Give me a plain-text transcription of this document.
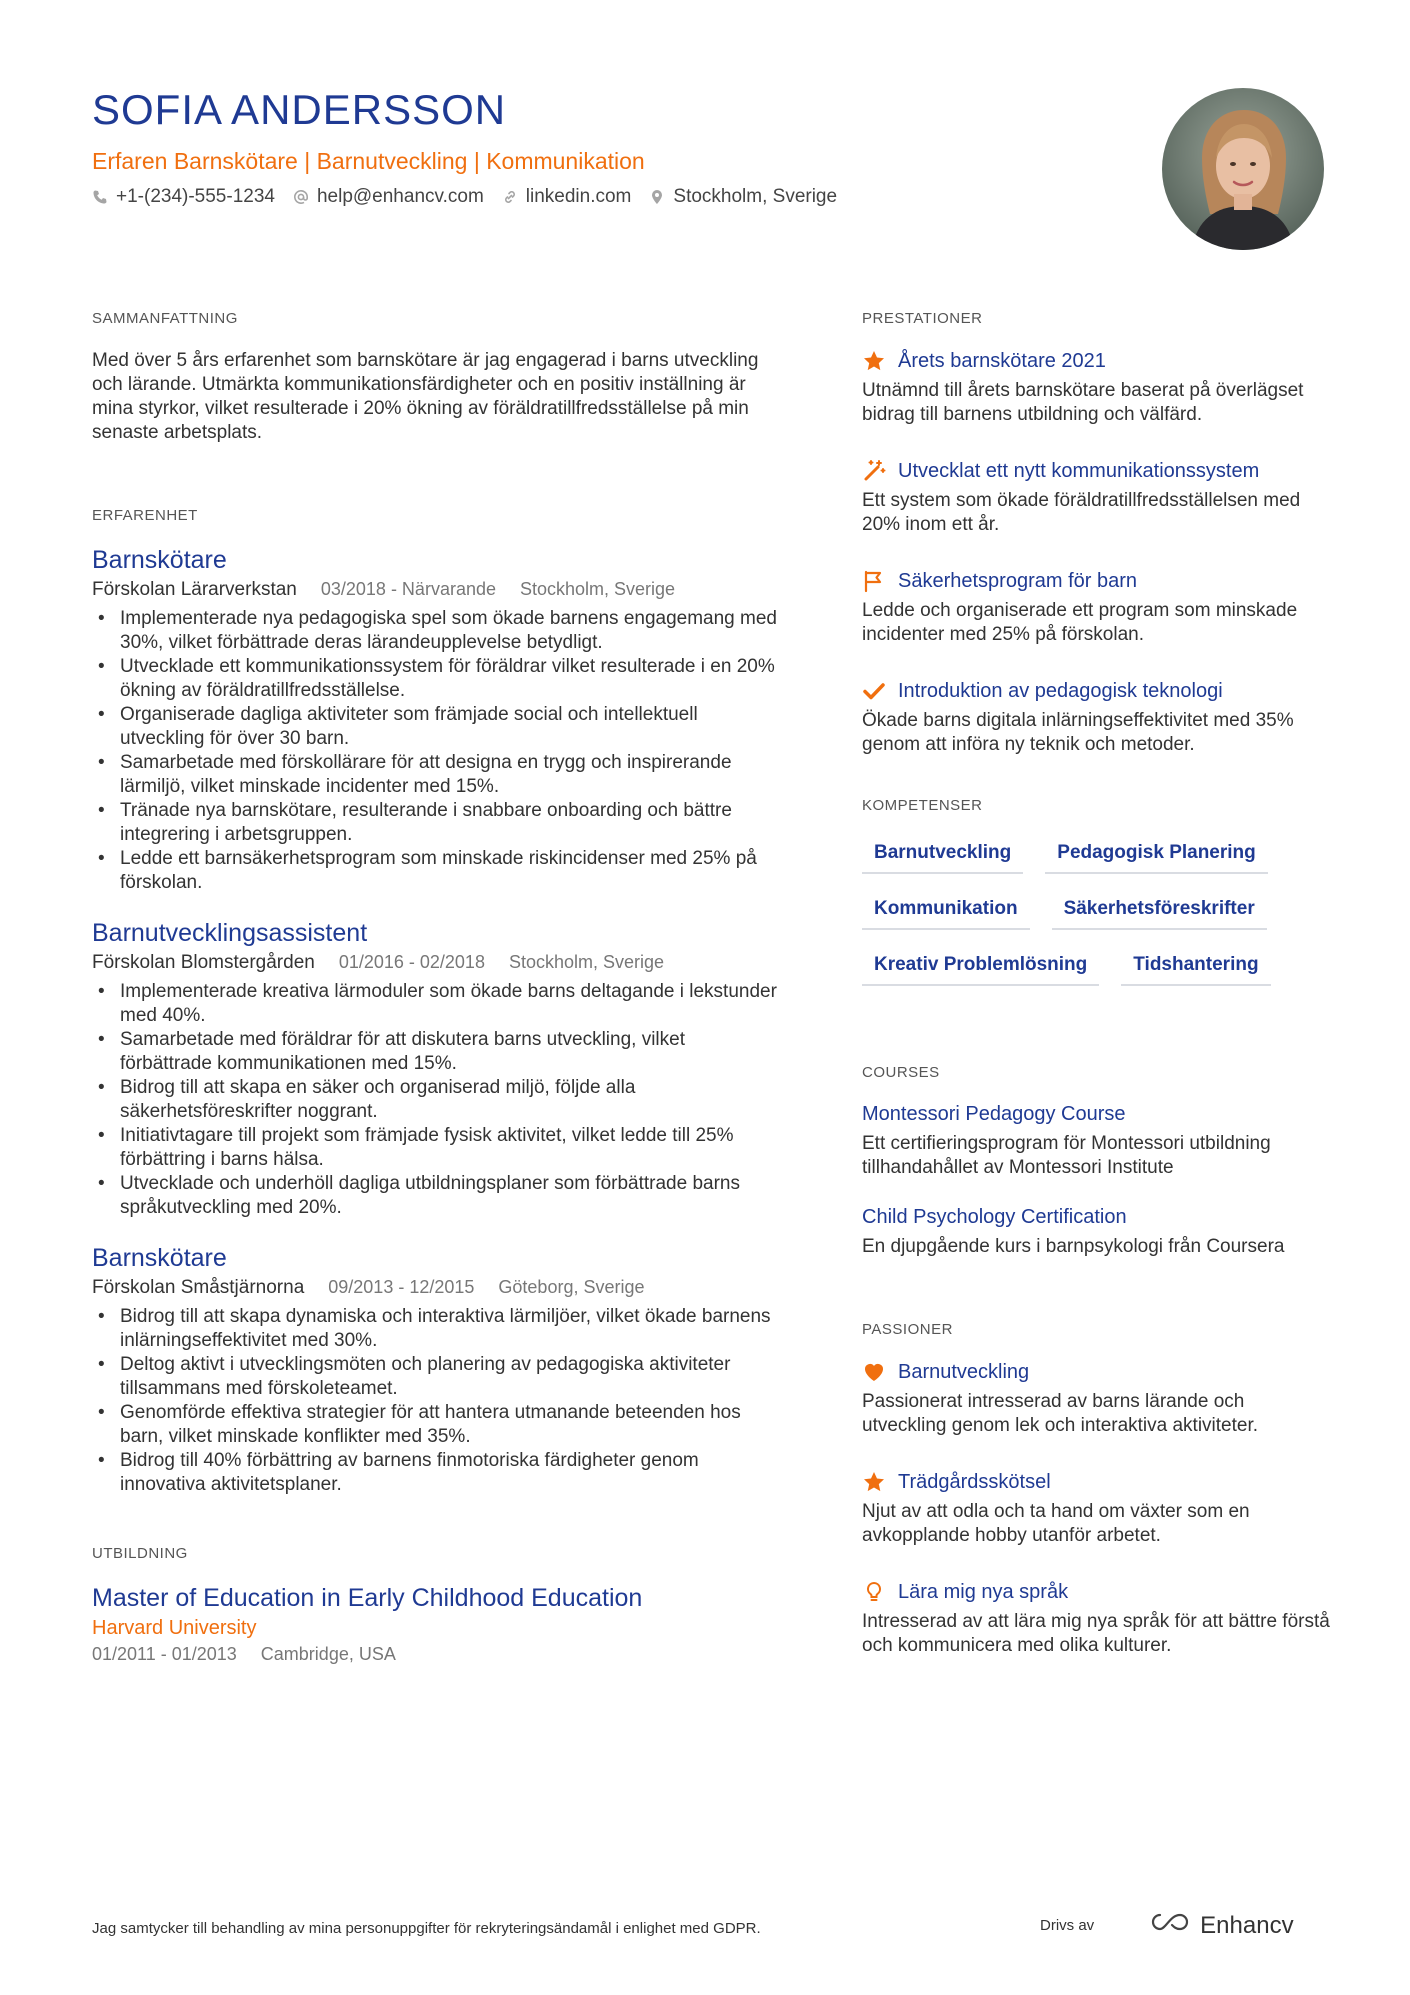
SOFIA ANDERSSON
Erfaren Barnskötare | Barnutveckling | Kommunikation
+1-(234)-555-1234 help@enhancv.com linkedin.com Stockholm, Sverige
SAMMANFATTNING

Med över 5 års erfarenhet som barnskötare är jag engagerad i barns utveckling och lärande. Utmärkta kommunikationsfärdigheter och en positiv inställning är mina styrkor, vilket resulterade i 20% ökning av föräldratillfredsställelse på min senaste arbetsplats.

ERFARENHET
Barnskötare
Förskolan Lärarverkstan 03/2018 - Närvarande Stockholm, Sverige
• Implementerade nya pedagogiska spel som ökade barnens engagemang med 30%, vilket förbättrade deras lärandeupplevelse betydligt.
• Utvecklade ett kommunikationssystem för föräldrar vilket resulterade i en 20% ökning av föräldratillfredsställelse.
• Organiserade dagliga aktiviteter som främjade social och intellektuell utveckling för över 30 barn.
• Samarbetade med förskollärare för att designa en trygg och inspirerande lärmiljö, vilket minskade incidenter med 15%.
• Tränade nya barnskötare, resulterande i snabbare onboarding och bättre integrering i arbetsgruppen.
• Ledde ett barnsäkerhetsprogram som minskade riskincidenser med 25% på förskolan.
Barnutvecklingsassistent
Förskolan Blomstergården 01/2016 - 02/2018 Stockholm, Sverige
• Implementerade kreativa lärmoduler som ökade barns deltagande i lekstunder med 40%.
• Samarbetade med föräldrar för att diskutera barns utveckling, vilket förbättrade kommunikationen med 15%.
• Bidrog till att skapa en säker och organiserad miljö, följde alla säkerhetsföreskrifter noggrant.
• Initiativtagare till projekt som främjade fysisk aktivitet, vilket ledde till 25% förbättring i barns hälsa.
• Utvecklade och underhöll dagliga utbildningsplaner som förbättrade barns språkutveckling med 20%.
Barnskötare
Förskolan Småstjärnorna 09/2013 - 12/2015 Göteborg, Sverige
• Bidrog till att skapa dynamiska och interaktiva lärmiljöer, vilket ökade barnens inlärningseffektivitet med 30%.
• Deltog aktivt i utvecklingsmöten och planering av pedagogiska aktiviteter tillsammans med förskoleteamet.
• Genomförde effektiva strategier för att hantera utmanande beteenden hos barn, vilket minskade konflikter med 35%.
• Bidrog till 40% förbättring av barnens finmotoriska färdigheter genom innovativa aktivitetsplaner.
UTBILDNING
Master of Education in Early Childhood Education
Harvard University
01/2011 - 01/2013 Cambridge, USA
PRESTATIONER
Årets barnskötare 2021
Utnämnd till årets barnskötare baserat på överlägset bidrag till barnens utbildning och välfärd.
Utvecklat ett nytt kommunikationssystem
Ett system som ökade föräldratillfredsställelsen med 20% inom ett år.
Säkerhetsprogram för barn
Ledde och organiserade ett program som minskade incidenter med 25% på förskolan.
Introduktion av pedagogisk teknologi
Ökade barns digitala inlärningseffektivitet med 35% genom att införa ny teknik och metoder.
KOMPETENSER
Barnutveckling	Pedagogisk Planering
Kommunikation	Säkerhetsföreskrifter
Kreativ Problemlösning	Tidshantering
COURSES
Montessori Pedagogy Course
Ett certifieringsprogram för Montessori utbildning tillhandahållet av Montessori Institute
Child Psychology Certification
En djupgående kurs i barnpsykologi från Coursera
PASSIONER
Barnutveckling
Passionerat intresserad av barns lärande och utveckling genom lek och interaktiva aktiviteter.
Trädgårdsskötsel
Njut av att odla och ta hand om växter som en avkopplande hobby utanför arbetet.
Lära mig nya språk
Intresserad av att lära mig nya språk för att bättre förstå och kommunicera med olika kulturer.
Jag samtycker till behandling av mina personuppgifter för rekryteringsändamål i enlighet med GDPR.	Drivs av	Enhancv
